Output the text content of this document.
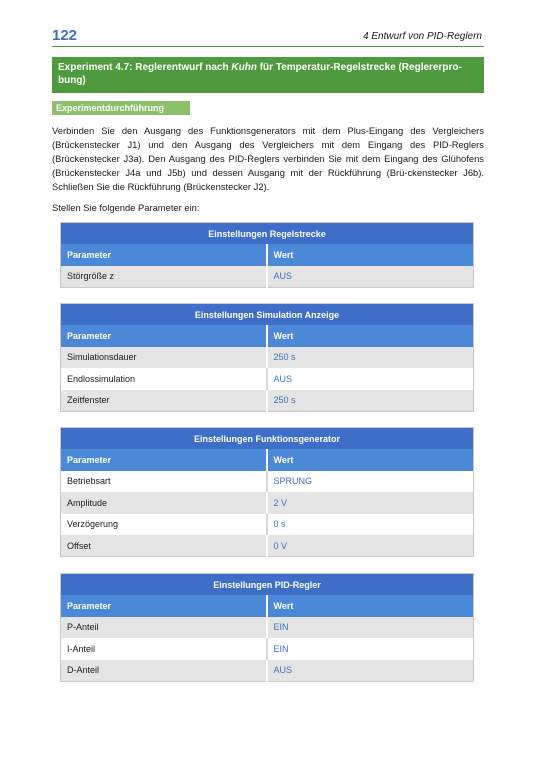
122	4 Entwurf von PID-Reglern
Experiment 4.7: Reglerentwurf nach Kuhn für Temperatur-Regelstrecke (Reglererpro-bung)
Experimentdurchführung

Verbinden Sie den Ausgang des Funktionsgenerators mit dem Plus-Eingang des Vergleichers (Brückenstecker J1) und den Ausgang des Vergleichers mit dem Eingang des PID-Reglers (Brückenstecker J3a). Den Ausgang des PID-Reglers verbinden Sie mit dem Eingang des Glühofens (Brückenstecker J4a und J5b) und dessen Ausgang mit der Rückführung (Brü-ckenstecker J6b). Schließen Sie die Rückführung (Brückenstecker J2).

Stellen Sie folgende Parameter ein:

Einstellungen Regelstrecke	
Parameter	Wert
Störgröße z	AUS
Einstellungen Simulation Anzeige	
Parameter	Wert
Simulationsdauer	250 s
Endlossimulation	AUS
Zeitfenster	250 s
Einstellungen Funktionsgenerator	
Parameter	Wert
Betriebsart	SPRUNG
Amplitude	2 V
Verzögerung	0 s
Offset	0 V
Einstellungen PID-Regler	
Parameter	Wert
P-Anteil	EIN
I-Anteil	EIN
D-Anteil	AUS
